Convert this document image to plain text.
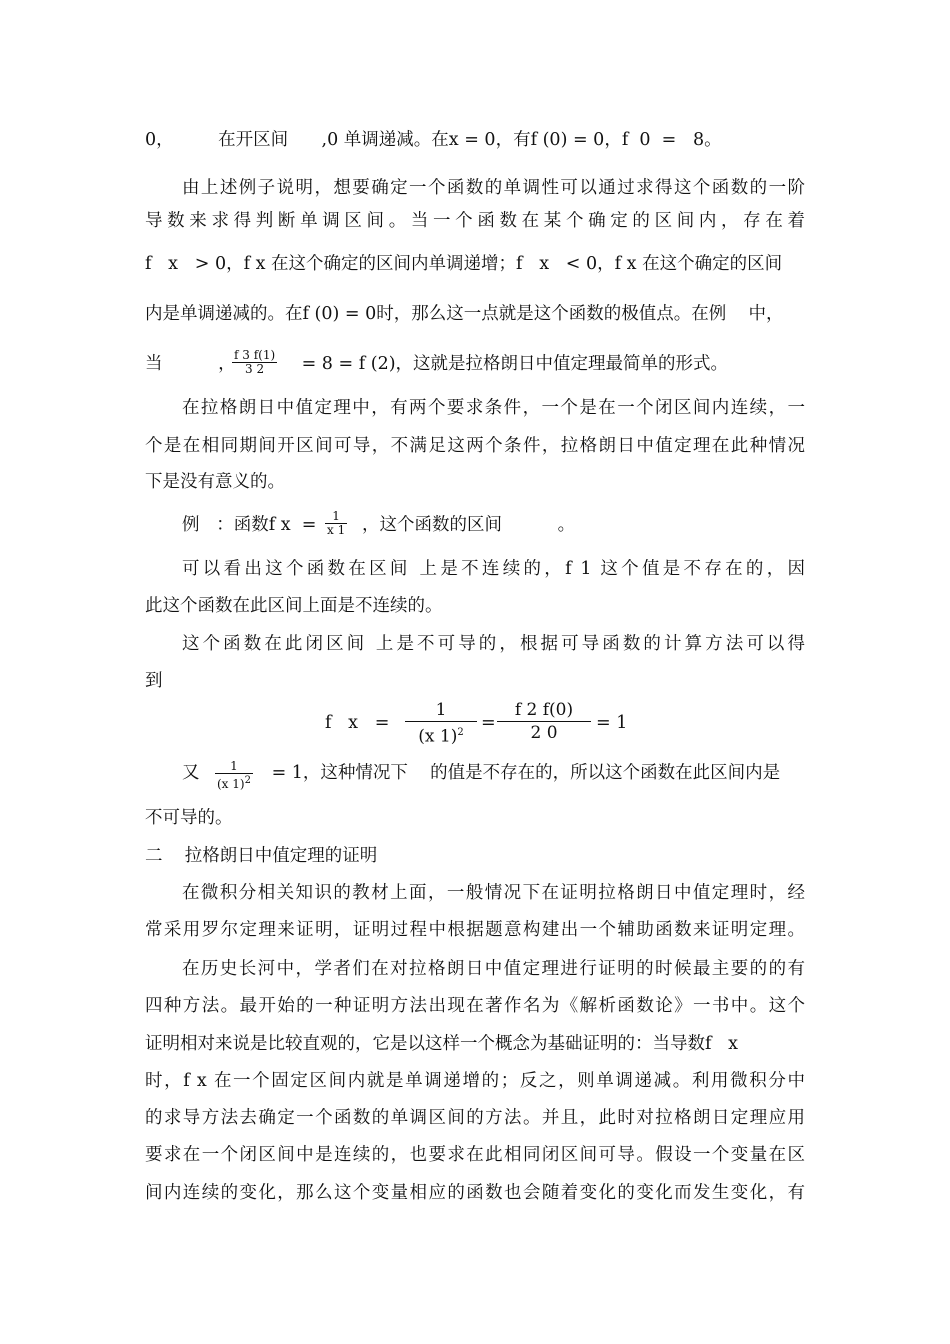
0，        在开区间      ,0 单调递减。在x = 0，有f (0) = 0，f  0  =   8。
由上述例子说明，想要确定一个函数的单调性可以通过求得这个函数的一阶
导数来求得判断单调区间。当一个函数在某个确定的区间内，存在着
f   x   > 0，f x 在这个确定的区间内单调递增；f   x   < 0，f x 在这个确定的区间
内是单调递减的。在f (0) = 0时，那么这一点就是这个函数的极值点。在例    中，
当          ，
$\frac{f 3 f(1)}{3 2} = 8 = f$ (2)，这就是拉格朗日中值定理最简单的形式。
在拉格朗日中值定理中，有两个要求条件，一个是在一个闭区间内连续，一
个是在相同期间开区间可导，不满足这两个条件，拉格朗日中值定理在此种情况
下是没有意义的。
例   ：函数f $x = \frac{1}{x 1}$ ，这个函数的区间          。
可以看出这个函数在区间 上是不连续的，f 1 这个值是不存在的，因
此这个函数在此区间上面是不连续的。
这个函数在此闭区间 上是不可导的，根据可导函数的计算方法可以得
到
f   $x = \frac{1}{(x 1)^2} = \frac{f 2 f(0)}{2 0} = 1$
又 $\frac{1}{(x 1)^2} = 1$，这种情况下    的值是不存在的，所以这个函数在此区间内是
不可导的。
二    拉格朗日中值定理的证明
在微积分相关知识的教材上面，一般情况下在证明拉格朗日中值定理时，经
常采用罗尔定理来证明，证明过程中根据题意构建出一个辅助函数来证明定理。
在历史长河中，学者们在对拉格朗日中值定理进行证明的时候最主要的的有
四种方法。最开始的一种证明方法出现在著作名为《解析函数论》一书中。这个
证明相对来说是比较直观的，它是以这样一个概念为基础证明的：当导数f   x
时，f x 在一个固定区间内就是单调递增的；反之，则单调递减。利用微积分中
的求导方法去确定一个函数的单调区间的方法。并且，此时对拉格朗日定理应用
要求在一个闭区间中是连续的，也要求在此相同闭区间可导。假设一个变量在区
间内连续的变化，那么这个变量相应的函数也会随着变化的变化而发生变化，有
